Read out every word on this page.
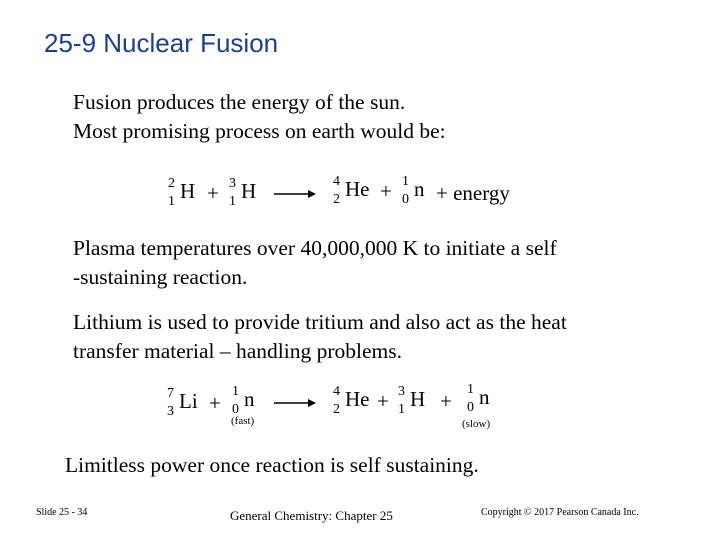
25-9 Nuclear Fusion
Fusion produces the energy of the sun.
Most promising process on earth would be:
2
1 H + 3
1 H →
4
2 He + 1
0 n + energy
Plasma temperatures over 40,000,000 K to initiate a self
-sustaining reaction.
Lithium is used to provide tritium and also act as the heat
transfer material – handling problems.
7
3 Li + 1
0 n
(fast)
4
2 He + 3
1 H + 1
0 n
(slow)
Limitless power once reaction is self sustaining.
Slide 25 - 34	General Chemistry: Chapter 25	Copyright © 2017 Pearson Canada Inc.
